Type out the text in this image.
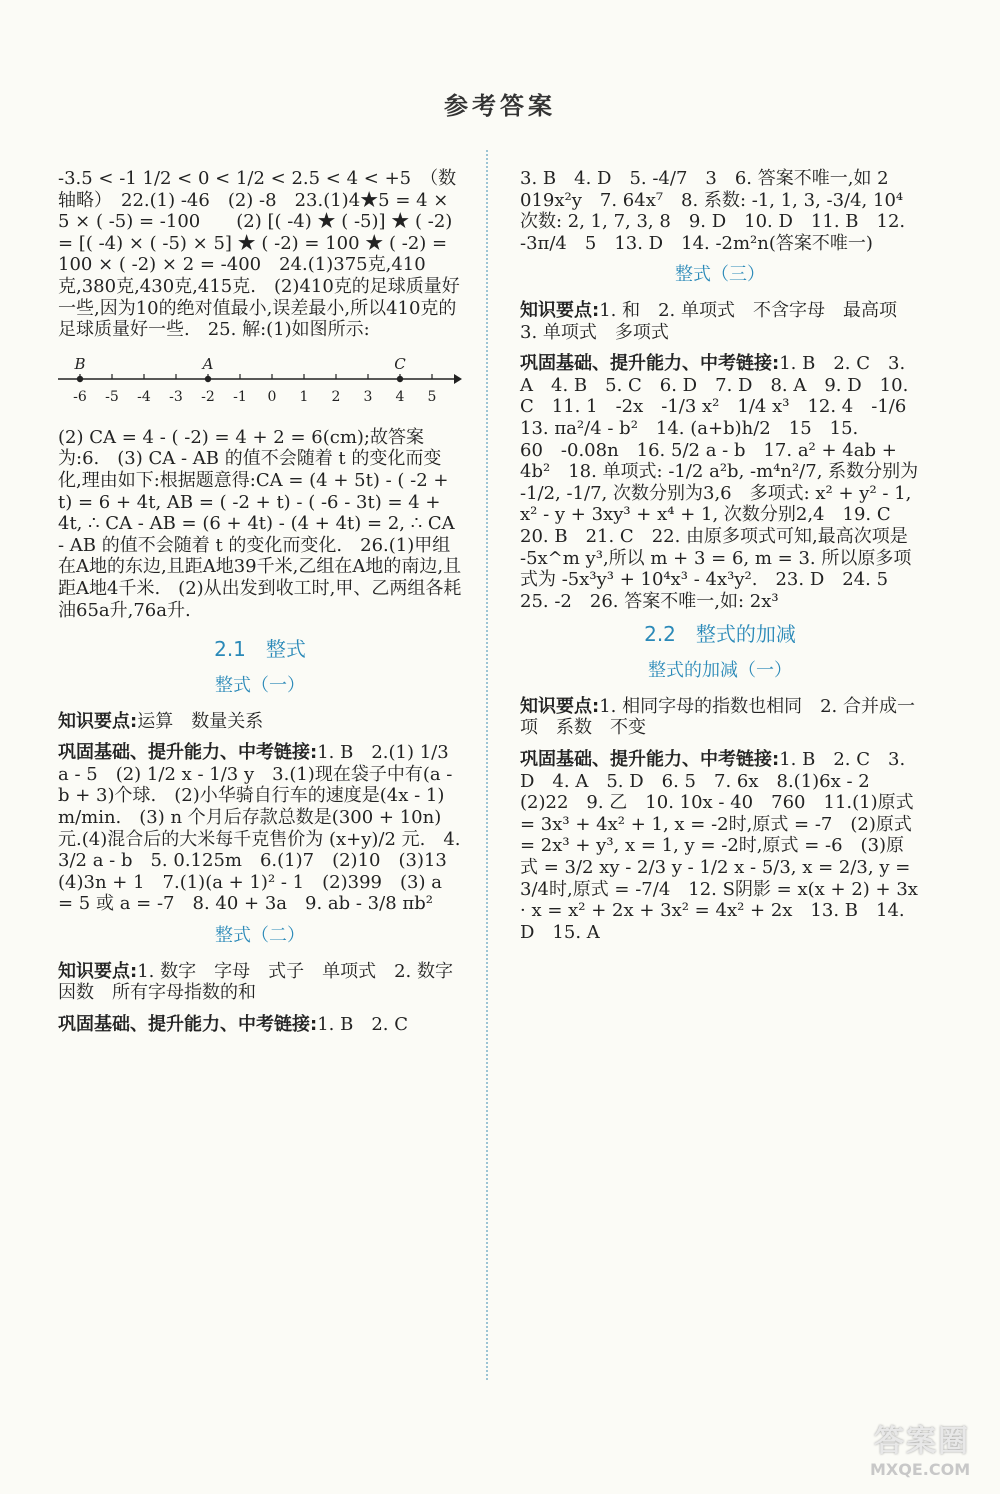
参考答案

-3.5 < -1 1/2 < 0 < 1/2 < 2.5 < 4 < +5　（数轴略）　22.(1) -46　(2) -8　23.(1)4★5 = 4 × 5 × ( -5) = -100　　(2) [( -4) ★ ( -5)] ★ ( -2) = [( -4) × ( -5) × 5] ★ ( -2) = 100 ★ ( -2) = 100 × ( -2) × 2 = -400　24.(1)375克,410克,380克,430克,415克.　(2)410克的足球质量好一些,因为10的绝对值最小,误差最小,所以410克的足球质量好一些.　25. 解:(1)如图所示:

-6 -5 -4 -3 -2 -1 0 1 2 3 4 5
B	A	C

(2) CA = 4 - ( -2) = 4 + 2 = 6(cm);故答案为:6.　(3) CA - AB 的值不会随着 t 的变化而变化,理由如下:根据题意得:CA = (4 + 5t) - ( -2 + t) = 6 + 4t, AB = ( -2 + t) - ( -6 - 3t) = 4 + 4t, ∴ CA - AB = (6 + 4t) - (4 + 4t) = 2, ∴ CA - AB 的值不会随着 t 的变化而变化.　26.(1)甲组在A地的东边,且距A地39千米,乙组在A地的南边,且距A地4千米.　(2)从出发到收工时,甲、乙两组各耗油65a升,76a升.

2.1　整式
整式（一）

知识要点:运算　数量关系

巩固基础、提升能力、中考链接:1. B　2.(1) 1/3 a - 5　(2) 1/2 x - 1/3 y　3.(1)现在袋子中有(a - b + 3)个球.　(2)小华骑自行车的速度是(4x - 1) m/min.　(3) n 个月后存款总数是(300 + 10n)元.(4)混合后的大米每千克售价为 (x+y)/2 元.　4. 3/2 a - b　5. 0.125m　6.(1)7　(2)10　(3)13　(4)3n + 1　7.(1)(a + 1)² - 1　(2)399　(3) a = 5 或 a = -7　8. 40 + 3a　9. ab - 3/8 πb²

整式（二）

知识要点:1. 数字　字母　式子　单项式　2. 数字因数　所有字母指数的和

巩固基础、提升能力、中考链接:1. B　2. C

3. B　4. D　5. -4/7　3　6. 答案不唯一,如 2 019x²y　7. 64x⁷　8. 系数: -1, 1, 3, -3/4, 10⁴　次数: 2, 1, 7, 3, 8　9. D　10. D　11. B　12. -3π/4　5　13. D　14. -2m²n(答案不唯一)

整式（三）

知识要点:1. 和　2. 单项式　不含字母　最高项　3. 单项式　多项式

巩固基础、提升能力、中考链接:1. B　2. C　3. A　4. B　5. C　6. D　7. D　8. A　9. D　10. C　11. 1　-2x　-1/3 x²　1/4 x³　12. 4　-1/6　13. πa²/4 - b²　14. (a+b)h/2　15　15. 60　-0.08n　16. 5/2 a - b　17. a² + 4ab + 4b²　18. 单项式: -1/2 a²b, -m⁴n²/7, 系数分别为 -1/2, -1/7, 次数分别为3,6　多项式: x² + y² - 1, x² - y + 3xy³ + x⁴ + 1, 次数分别2,4　19. C　20. B　21. C　22. 由原多项式可知,最高次项是 -5x^m y³,所以 m + 3 = 6, m = 3. 所以原多项式为 -5x³y³ + 10⁴x³ - 4x³y².　23. D　24. 5　25. -2　26. 答案不唯一,如: 2x³

2.2　整式的加减
整式的加减（一）

知识要点:1. 相同字母的指数也相同　2. 合并成一项　系数　不变

巩固基础、提升能力、中考链接:1. B　2. C　3. D　4. A　5. D　6. 5　7. 6x　8.(1)6x - 2　(2)22　9. 乙　10. 10x - 40　760　11.(1)原式 = 3x³ + 4x² + 1, x = -2时,原式 = -7　(2)原式 = 2x³ + y³, x = 1, y = -2时,原式 = -6　(3)原式 = 3/2 xy - 2/3 y - 1/2 x - 5/3, x = 2/3, y = 3/4时,原式 = -7/4　12. S阴影 = x(x + 2) + 3x · x = x² + 2x + 3x² = 4x² + 2x　13. B　14. D　15. A

答案圈
MXQE.COM
